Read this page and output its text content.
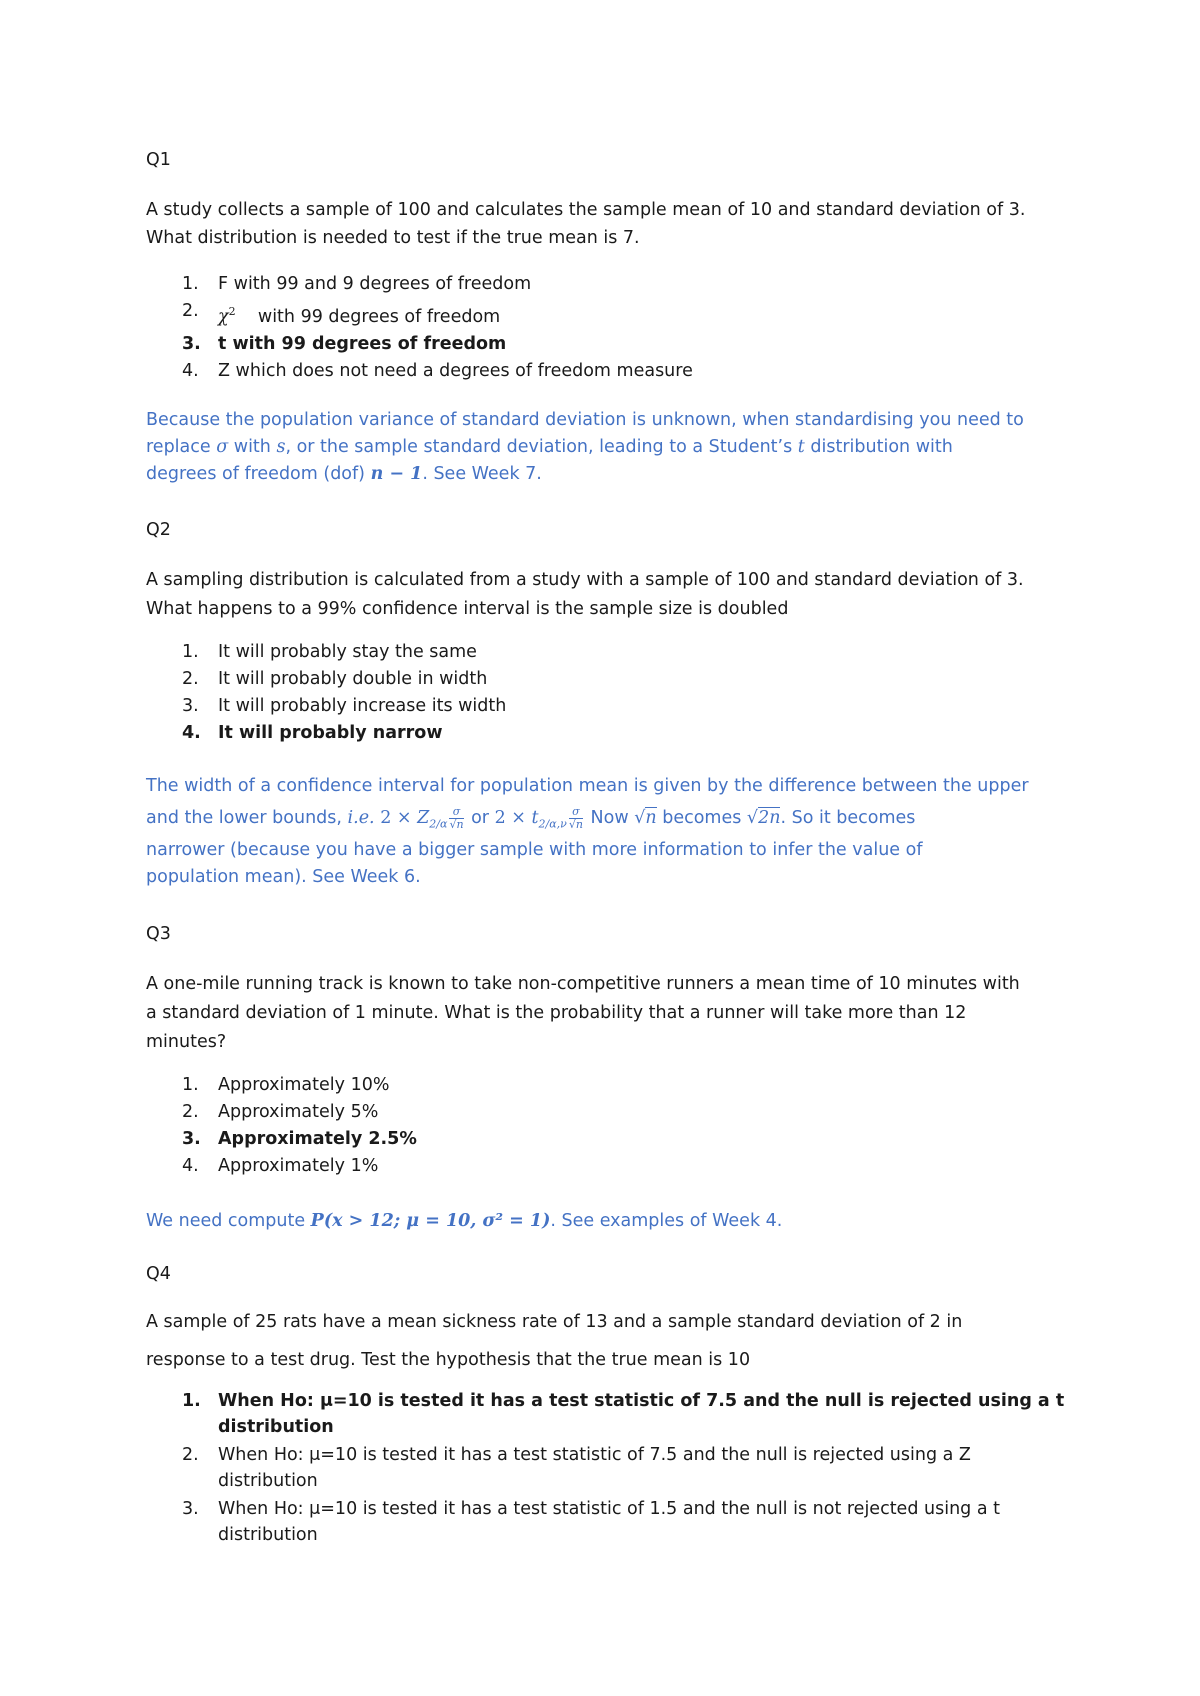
Q1

A study collects a sample of 100 and calculates the sample mean of 10 and standard deviation of 3.
What distribution is needed to test if the true mean is 7.

1. F with 99 and 9 degrees of freedom
2. $\chi^2$ with 99 degrees of freedom
3. t with 99 degrees of freedom
4. Z which does not need a degrees of freedom measure
Because the population variance of standard deviation is unknown, when standardising you need to
replace σ with s, or the sample standard deviation, leading to a Student’s t distribution with
degrees of freedom (dof) n − 1. See Week 7.
Q2

A sampling distribution is calculated from a study with a sample of 100 and standard deviation of 3.
What happens to a 99% confidence interval is the sample size is doubled

1. It will probably stay the same
2. It will probably double in width
3. It will probably increase its width
4. It will probably narrow
The width of a confidence interval for population mean is given by the difference between the upper
and the lower bounds, i.e. $2 \times Z_{2/\alpha} \frac{\sigma}{√n}$ or $2 \times t_{2/\alpha,\nu} \frac{\sigma}{√n}$ Now √n becomes √2n. So it becomes
narrower (because you have a bigger sample with more information to infer the value of
population mean). See Week 6.
Q3

A one-mile running track is known to take non-competitive runners a mean time of 10 minutes with
a standard deviation of 1 minute. What is the probability that a runner will take more than 12
minutes?

1. Approximately 10%
2. Approximately 5%
3. Approximately 2.5%
4. Approximately 1%
We need compute P(x > 12; μ = 10, σ² = 1). See examples of Week 4.
Q4
A sample of 25 rats have a mean sickness rate of 13 and a sample standard deviation of 2 in
response to a test drug. Test the hypothesis that the true mean is 10
1. When Ho: μ=10 is tested it has a test statistic of 7.5 and the null is rejected using a t
distribution
2. When Ho: μ=10 is tested it has a test statistic of 7.5 and the null is rejected using a Z
distribution
3. When Ho: μ=10 is tested it has a test statistic of 1.5 and the null is not rejected using a t
distribution
